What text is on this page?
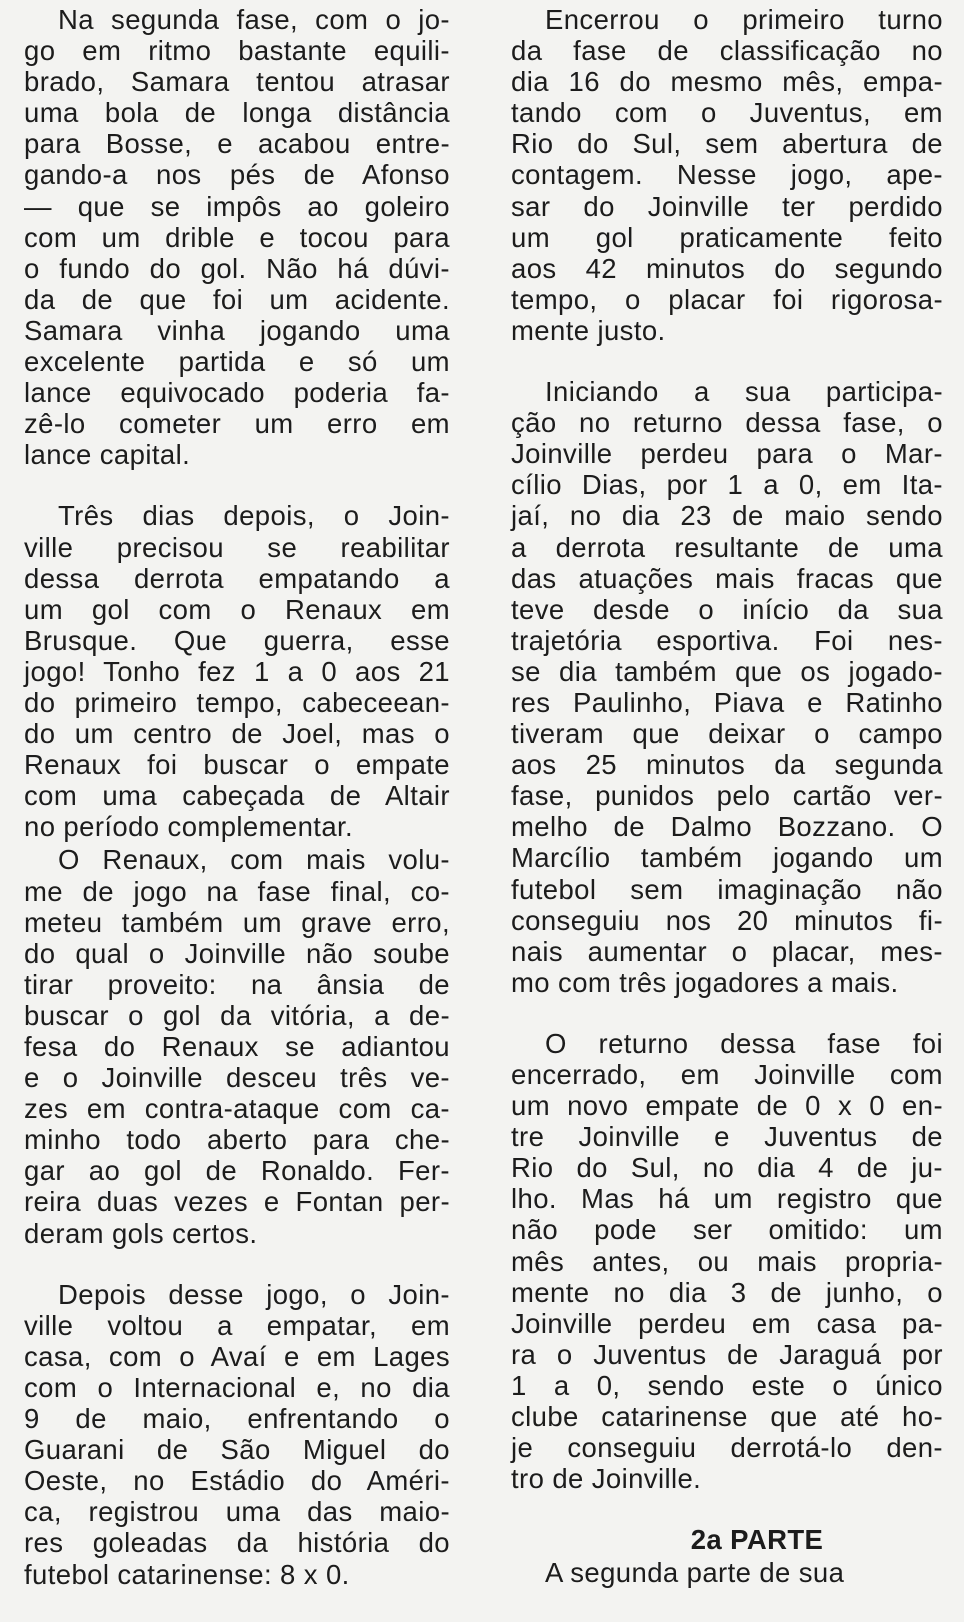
Na segunda fase, com o jo-
go em ritmo bastante equili-
brado, Samara tentou atrasar
uma bola de longa distância
para Bosse, e acabou entre-
gando-a nos pés de Afonso
— que se impôs ao goleiro
com um drible e tocou para
o fundo do gol. Não há dúvi-
da de que foi um acidente.
Samara vinha jogando uma
excelente partida e só um
lance equivocado poderia fa-
zê-lo cometer um erro em
lance capital.
Três dias depois, o Join-
ville precisou se reabilitar
dessa derrota empatando a
um gol com o Renaux em
Brusque. Que guerra, esse
jogo! Tonho fez 1 a 0 aos 21
do primeiro tempo, cabeceean-
do um centro de Joel, mas o
Renaux foi buscar o empate
com uma cabeçada de Altair
no período complementar.
O Renaux, com mais volu-
me de jogo na fase final, co-
meteu também um grave erro,
do qual o Joinville não soube
tirar proveito: na ânsia de
buscar o gol da vitória, a de-
fesa do Renaux se adiantou
e o Joinville desceu três ve-
zes em contra-ataque com ca-
minho todo aberto para che-
gar ao gol de Ronaldo. Fer-
reira duas vezes e Fontan per-
deram gols certos.
Depois desse jogo, o Join-
ville voltou a empatar, em
casa, com o Avaí e em Lages
com o Internacional e, no dia
9 de maio, enfrentando o
Guarani de São Miguel do
Oeste, no Estádio do Améri-
ca, registrou uma das maio-
res goleadas da história do
futebol catarinense: 8 x 0.
Encerrou o primeiro turno
da fase de classificação no
dia 16 do mesmo mês, empa-
tando com o Juventus, em
Rio do Sul, sem abertura de
contagem. Nesse jogo, ape-
sar do Joinville ter perdido
um gol praticamente feito
aos 42 minutos do segundo
tempo, o placar foi rigorosa-
mente justo.
Iniciando a sua participa-
ção no returno dessa fase, o
Joinville perdeu para o Mar-
cílio Dias, por 1 a 0, em Ita-
jaí, no dia 23 de maio sendo
a derrota resultante de uma
das atuações mais fracas que
teve desde o início da sua
trajetória esportiva. Foi nes-
se dia também que os jogado-
res Paulinho, Piava e Ratinho
tiveram que deixar o campo
aos 25 minutos da segunda
fase, punidos pelo cartão ver-
melho de Dalmo Bozzano. O
Marcílio também jogando um
futebol sem imaginação não
conseguiu nos 20 minutos fi-
nais aumentar o placar, mes-
mo com três jogadores a mais.
O returno dessa fase foi
encerrado, em Joinville com
um novo empate de 0 x 0 en-
tre Joinville e Juventus de
Rio do Sul, no dia 4 de ju-
lho. Mas há um registro que
não pode ser omitido: um
mês antes, ou mais propria-
mente no dia 3 de junho, o
Joinville perdeu em casa pa-
ra o Juventus de Jaraguá por
1 a 0, sendo este o único
clube catarinense que até ho-
je conseguiu derrotá-lo den-
tro de Joinville.
2a PARTE
A segunda parte de sua
